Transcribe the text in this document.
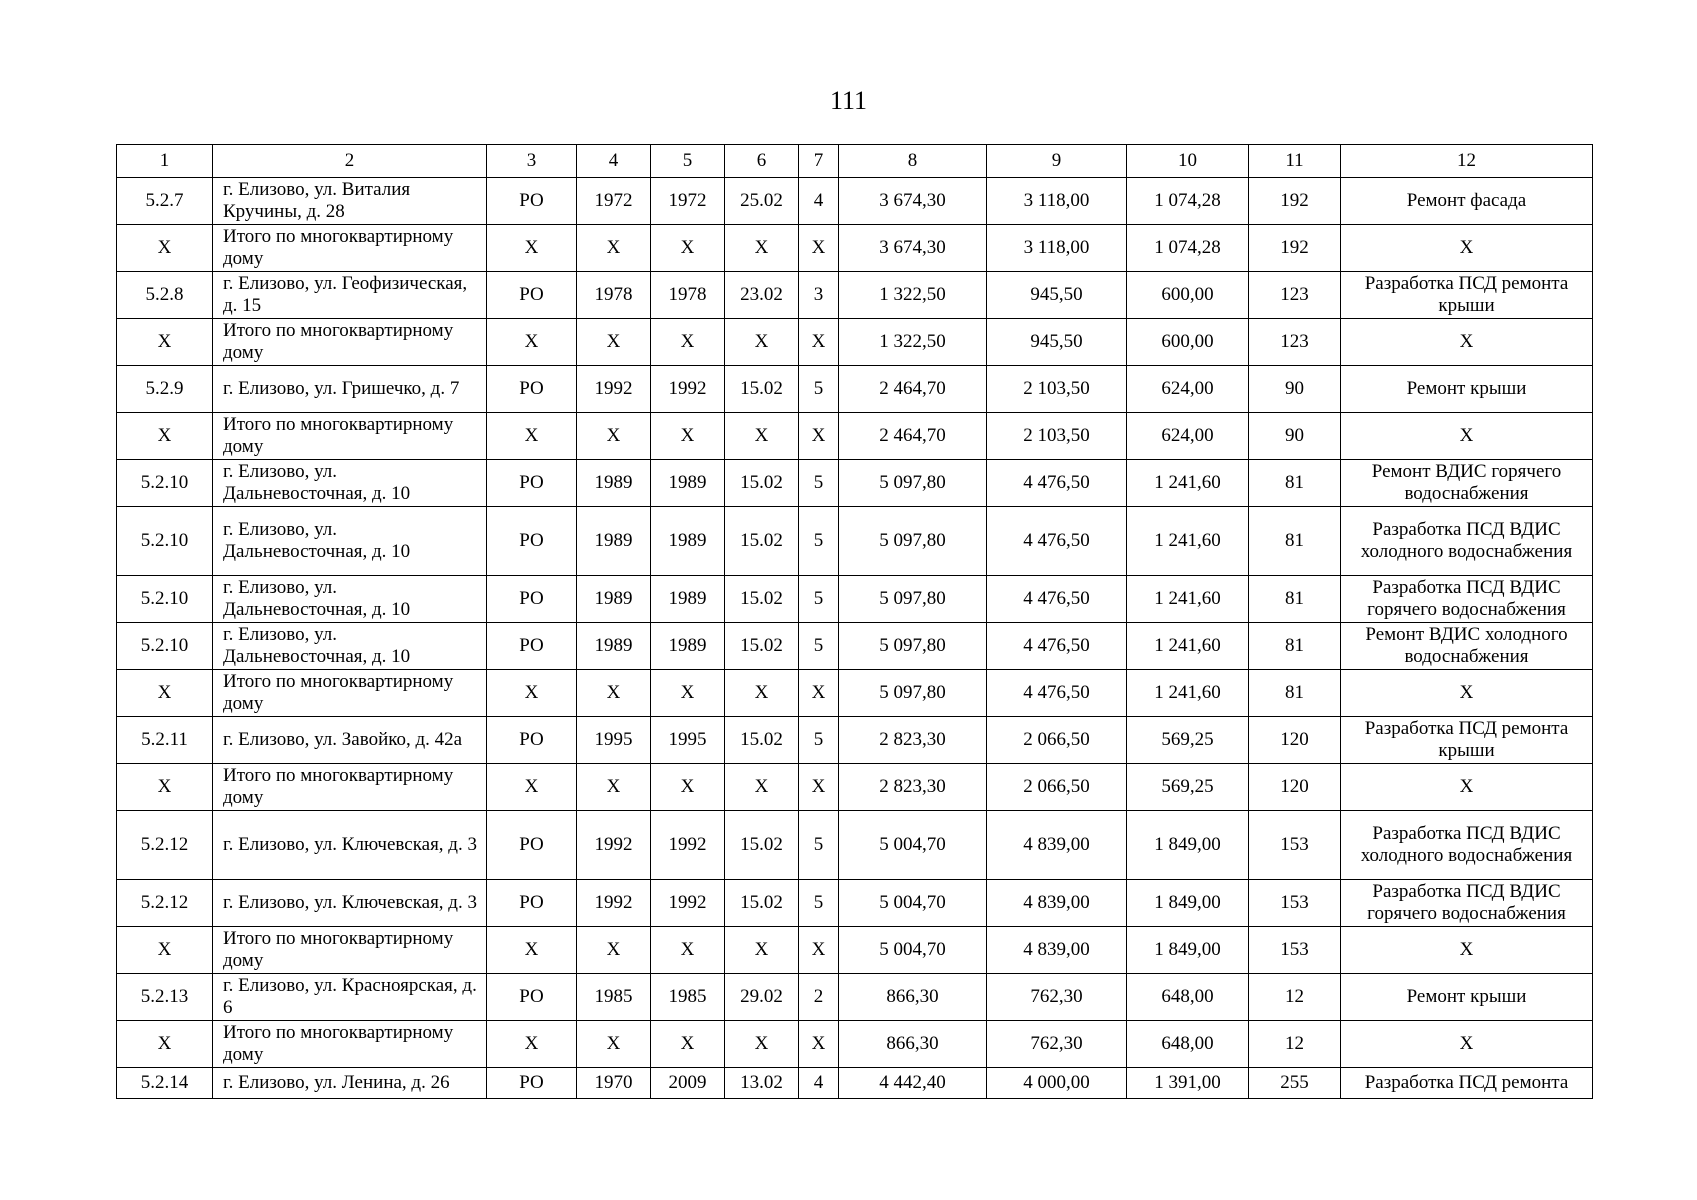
111
1	2	3	4	5	6	7	8	9	10	11	12
5.2.7	г. Елизово, ул. Виталия Кручины, д. 28	РО	1972	1972	25.02	4	3 674,30	3 118,00	1 074,28	192	Ремонт фасада
Х	Итого по многоквартирному дому	Х	Х	Х	Х	Х	3 674,30	3 118,00	1 074,28	192	Х
5.2.8	г. Елизово, ул. Геофизическая, д. 15	РО	1978	1978	23.02	3	1 322,50	945,50	600,00	123	Разработка ПСД ремонта крыши
Х	Итого по многоквартирному дому	Х	Х	Х	Х	Х	1 322,50	945,50	600,00	123	Х
5.2.9	г. Елизово, ул. Гришечко, д. 7	РО	1992	1992	15.02	5	2 464,70	2 103,50	624,00	90	Ремонт крыши
Х	Итого по многоквартирному дому	Х	Х	Х	Х	Х	2 464,70	2 103,50	624,00	90	Х
5.2.10	г. Елизово, ул. Дальневосточная, д. 10	РО	1989	1989	15.02	5	5 097,80	4 476,50	1 241,60	81	Ремонт ВДИС горячего водоснабжения
5.2.10	г. Елизово, ул. Дальневосточная, д. 10	РО	1989	1989	15.02	5	5 097,80	4 476,50	1 241,60	81	Разработка ПСД ВДИС холодного водоснабжения
5.2.10	г. Елизово, ул. Дальневосточная, д. 10	РО	1989	1989	15.02	5	5 097,80	4 476,50	1 241,60	81	Разработка ПСД ВДИС горячего водоснабжения
5.2.10	г. Елизово, ул. Дальневосточная, д. 10	РО	1989	1989	15.02	5	5 097,80	4 476,50	1 241,60	81	Ремонт ВДИС холодного водоснабжения
Х	Итого по многоквартирному дому	Х	Х	Х	Х	Х	5 097,80	4 476,50	1 241,60	81	Х
5.2.11	г. Елизово, ул. Завойко, д. 42а	РО	1995	1995	15.02	5	2 823,30	2 066,50	569,25	120	Разработка ПСД ремонта крыши
Х	Итого по многоквартирному дому	Х	Х	Х	Х	Х	2 823,30	2 066,50	569,25	120	Х
5.2.12	г. Елизово, ул. Ключевская, д. 3	РО	1992	1992	15.02	5	5 004,70	4 839,00	1 849,00	153	Разработка ПСД ВДИС холодного водоснабжения
5.2.12	г. Елизово, ул. Ключевская, д. 3	РО	1992	1992	15.02	5	5 004,70	4 839,00	1 849,00	153	Разработка ПСД ВДИС горячего водоснабжения
Х	Итого по многоквартирному дому	Х	Х	Х	Х	Х	5 004,70	4 839,00	1 849,00	153	Х
5.2.13	г. Елизово, ул. Красноярская, д. 6	РО	1985	1985	29.02	2	866,30	762,30	648,00	12	Ремонт крыши
Х	Итого по многоквартирному дому	Х	Х	Х	Х	Х	866,30	762,30	648,00	12	Х
5.2.14	г. Елизово, ул. Ленина, д. 26	РО	1970	2009	13.02	4	4 442,40	4 000,00	1 391,00	255	Разработка ПСД ремонта
